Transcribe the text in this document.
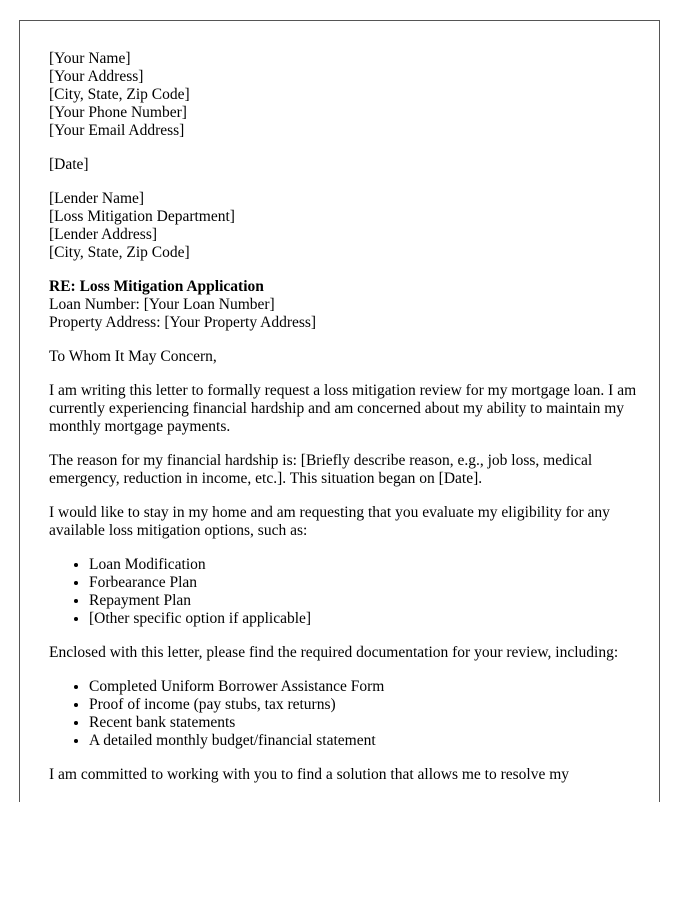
[Your Name]
[Your Address]
[City, State, Zip Code]
[Your Phone Number]
[Your Email Address]
[Date]
[Lender Name]
[Loss Mitigation Department]
[Lender Address]
[City, State, Zip Code]
RE: Loss Mitigation Application
Loan Number: [Your Loan Number]
Property Address: [Your Property Address]

To Whom It May Concern,

I am writing this letter to formally request a loss mitigation review for my mortgage loan. I am currently experiencing financial hardship and am concerned about my ability to maintain my monthly mortgage payments.

The reason for my financial hardship is: [Briefly describe reason, e.g., job loss, medical emergency, reduction in income, etc.]. This situation began on [Date].

I would like to stay in my home and am requesting that you evaluate my eligibility for any available loss mitigation options, such as:

• Loan Modification
• Forbearance Plan
• Repayment Plan
• [Other specific option if applicable]

Enclosed with this letter, please find the required documentation for your review, including:

• Completed Uniform Borrower Assistance Form
• Proof of income (pay stubs, tax returns)
• Recent bank statements
• A detailed monthly budget/financial statement

I am committed to working with you to find a solution that allows me to resolve my
